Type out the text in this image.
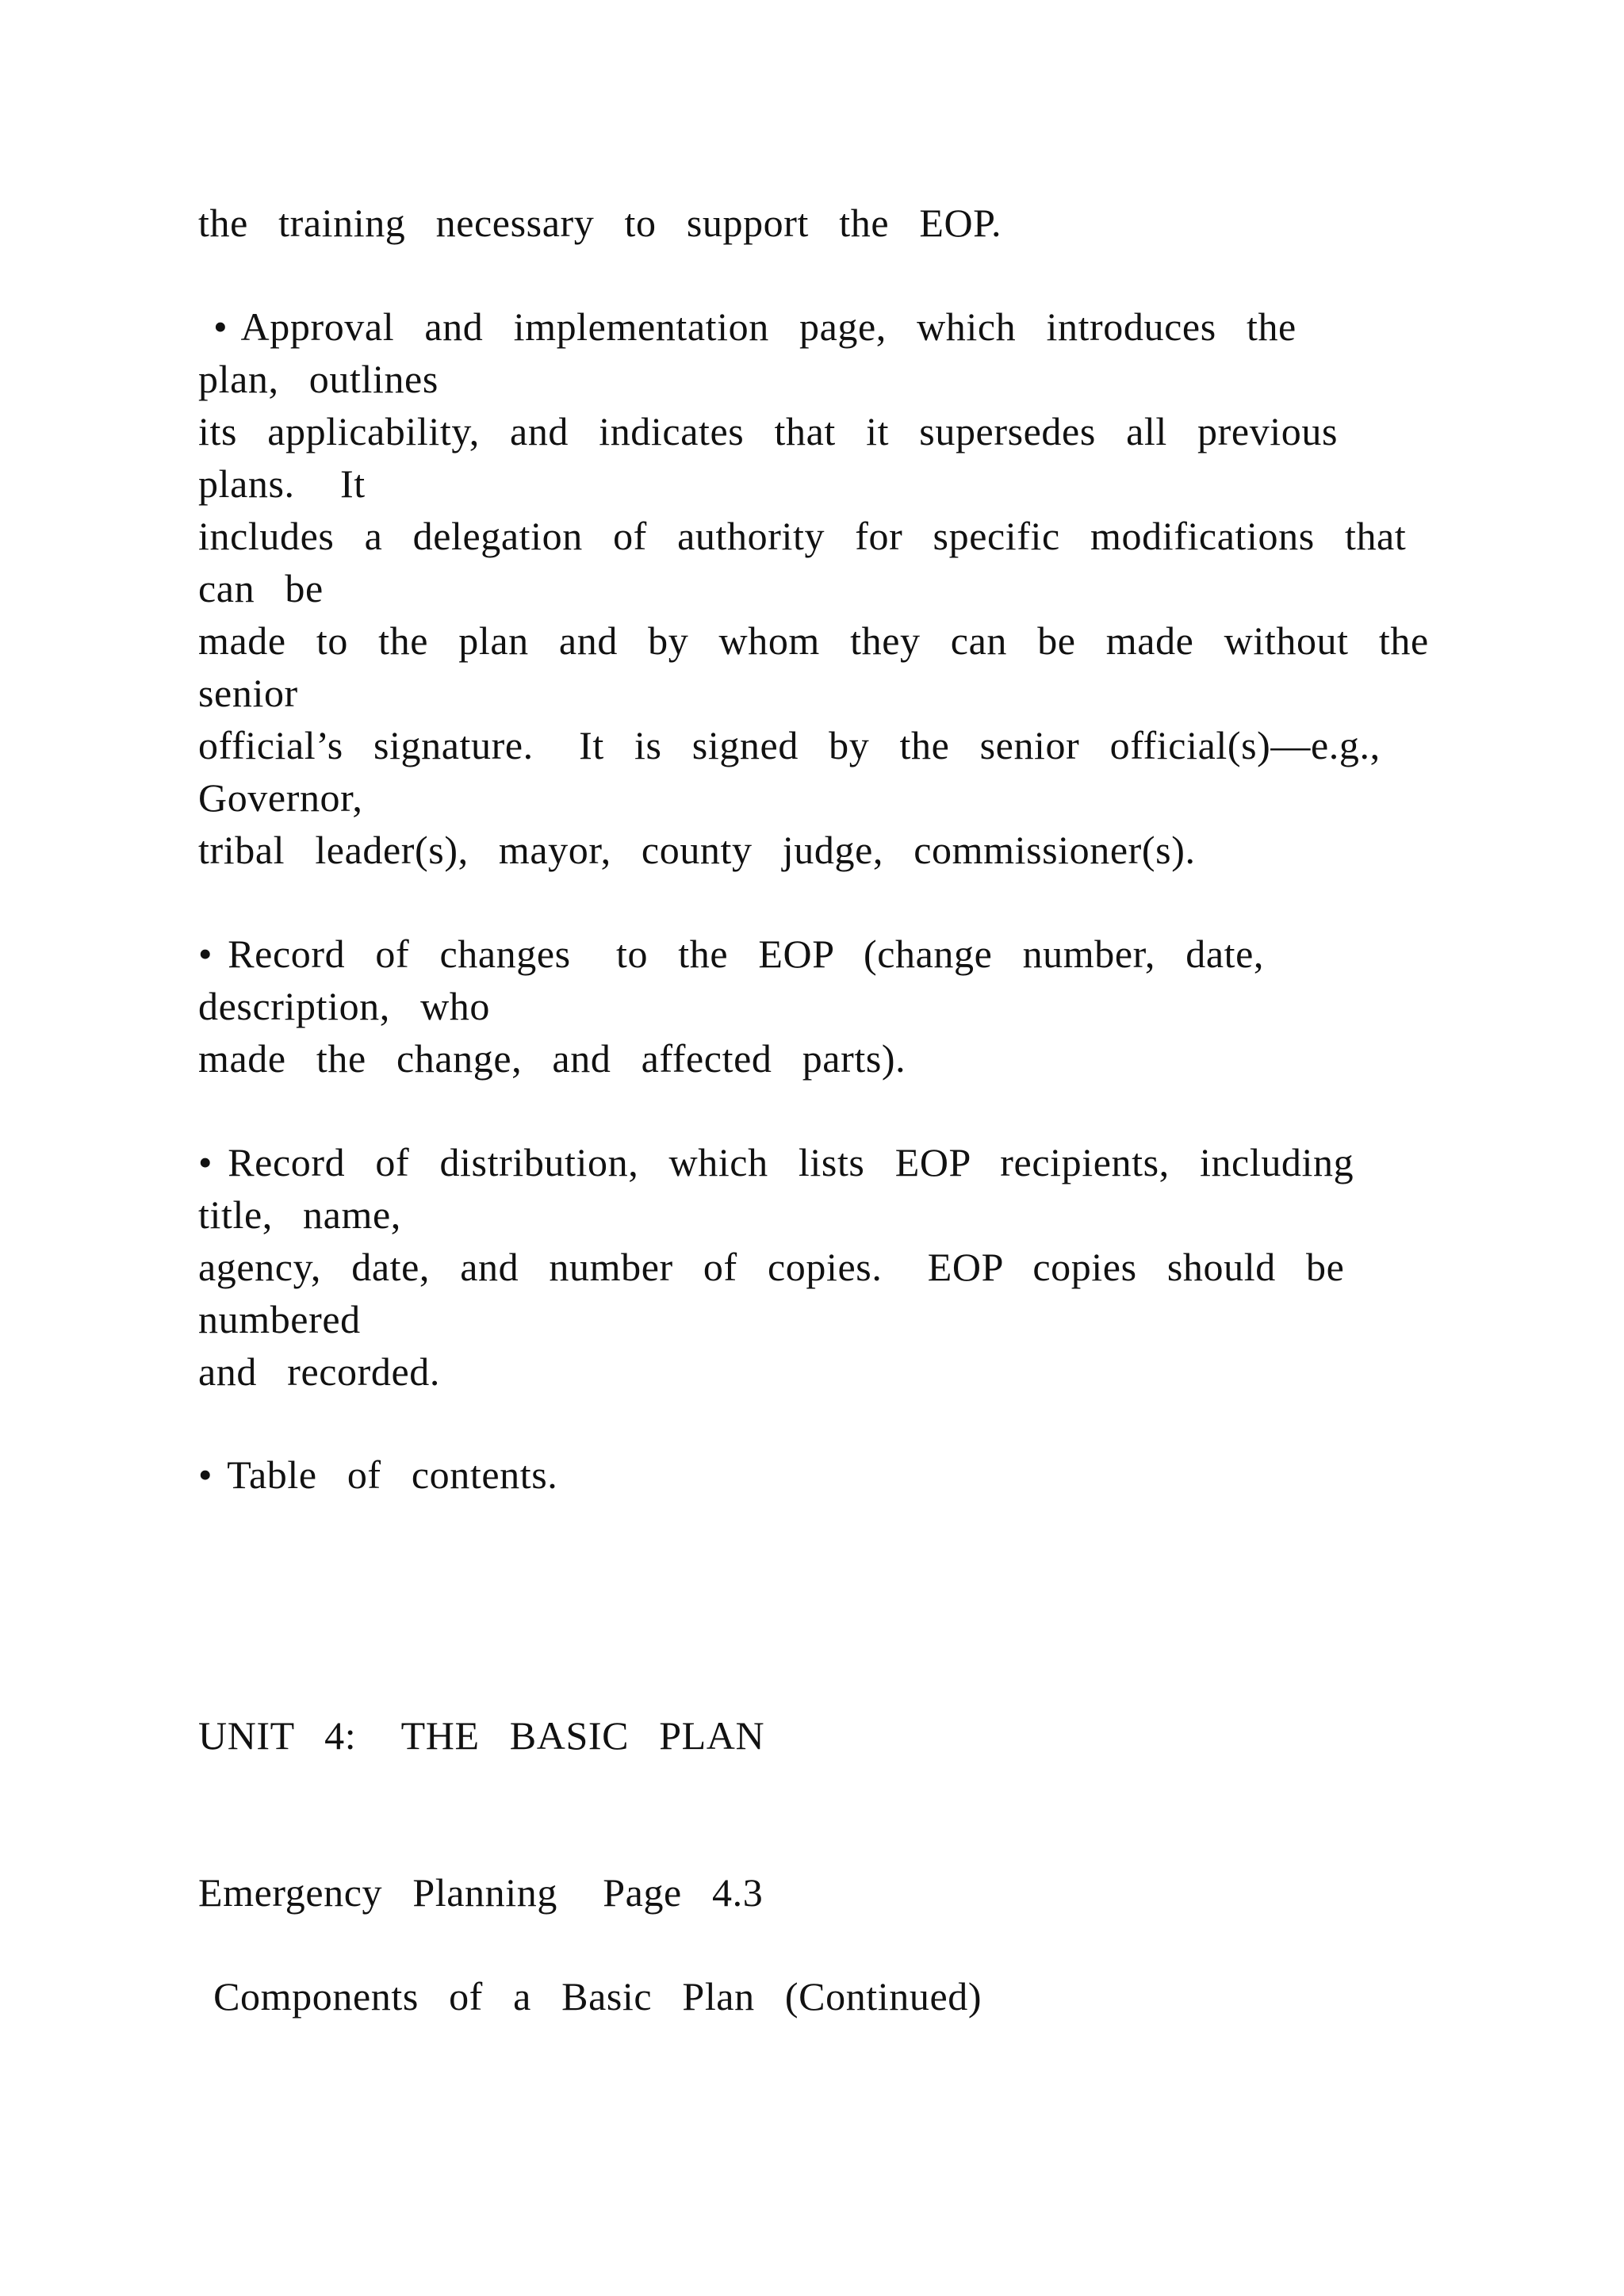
the  training  necessary  to  support  the  EOP.
• Approval  and  implementation  page,  which  introduces  the
plan,  outlines
its  applicability,  and  indicates  that  it  supersedes  all  previous
plans.   It
includes  a  delegation  of  authority  for  specific  modifications  that
can  be
made  to  the  plan  and  by  whom  they  can  be  made  without  the
senior
official’s  signature.   It  is  signed  by  the  senior  official(s)—e.g.,
Governor,
tribal  leader(s),  mayor,  county  judge,  commissioner(s).
• Record  of  changes   to  the  EOP  (change  number,  date,
description,  who
made  the  change,  and  affected  parts).
• Record  of  distribution,  which  lists  EOP  recipients,  including
title,  name,
agency,  date,  and  number  of  copies.   EOP  copies  should  be
numbered
and  recorded.
• Table  of  contents.
UNIT  4:   THE  BASIC  PLAN
Emergency  Planning   Page  4.3
Components  of  a  Basic  Plan  (Continued)
